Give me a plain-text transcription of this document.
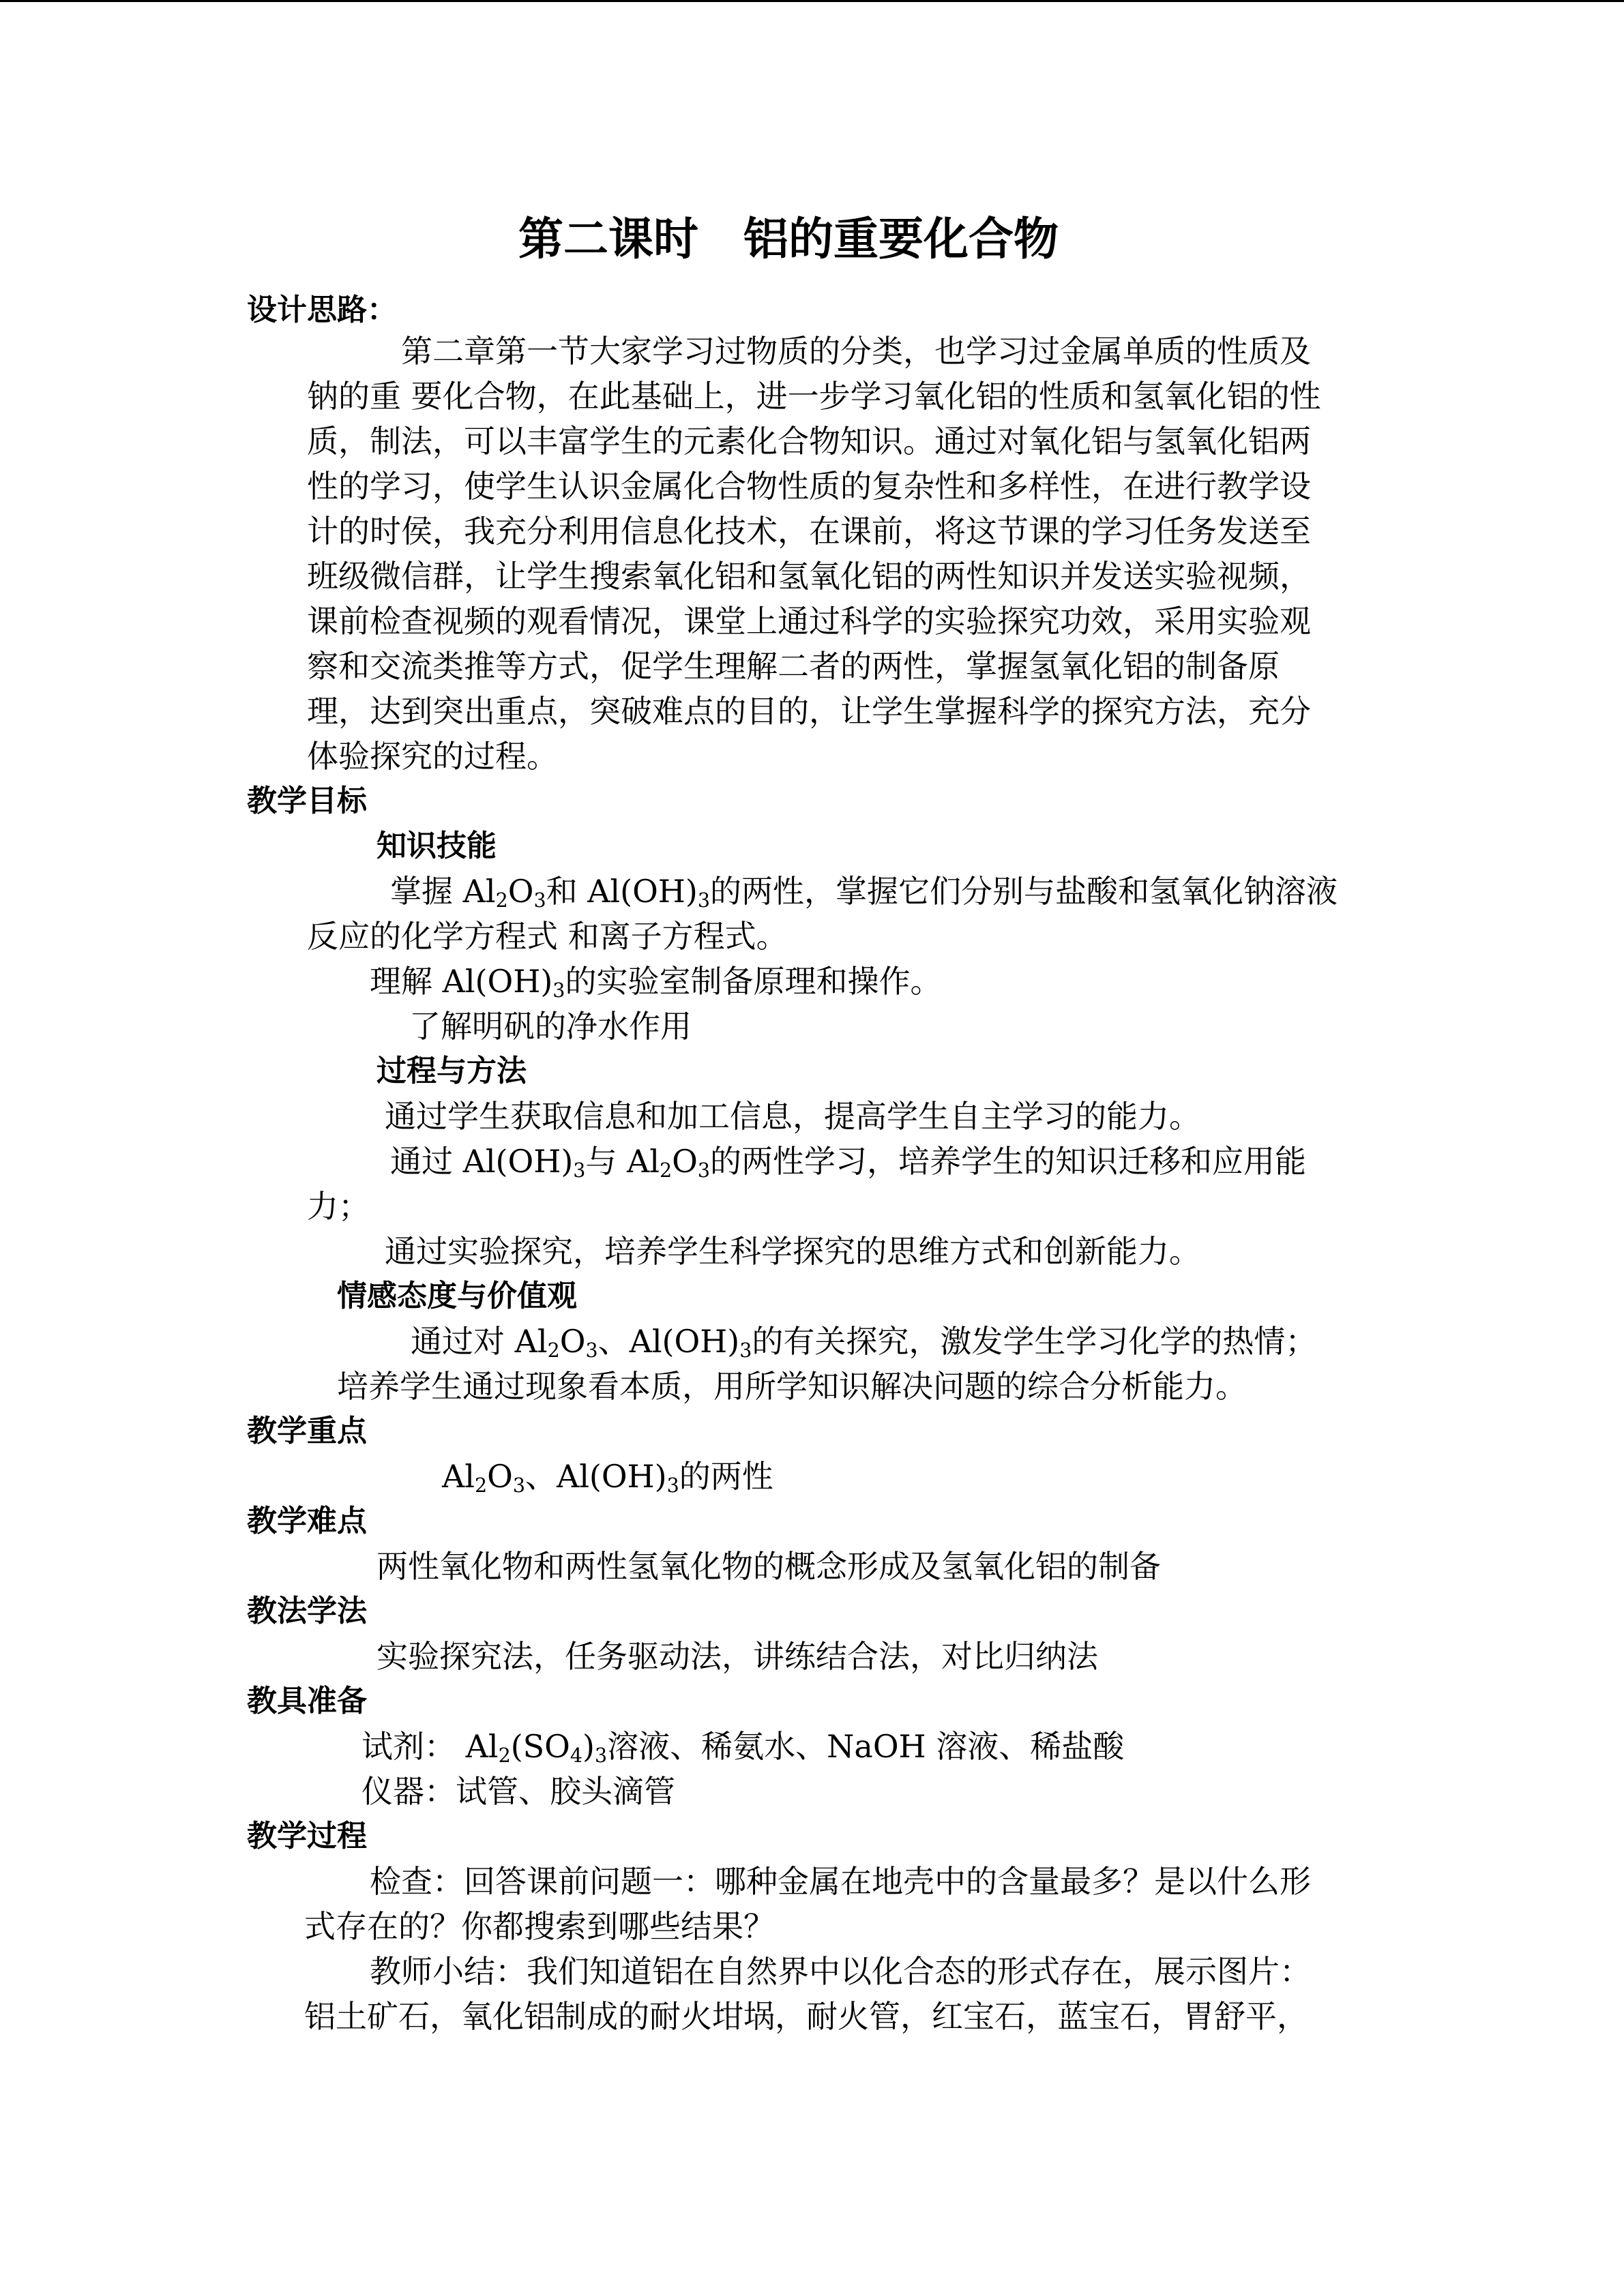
第二课时　铝的重要化合物
设计思路：
第二章第一节大家学习过物质的分类，也学习过金属单质的性质及
钠的重 要化合物，在此基础上，进一步学习氧化铝的性质和氢氧化铝的性
质，制法，可以丰富学生的元素化合物知识。通过对氧化铝与氢氧化铝两
性的学习，使学生认识金属化合物性质的复杂性和多样性，在进行教学设
计的时侯，我充分利用信息化技术，在课前，将这节课的学习任务发送至
班级微信群，让学生搜索氧化铝和氢氧化铝的两性知识并发送实验视频，
课前检查视频的观看情况，课堂上通过科学的实验探究功效，采用实验观
察和交流类推等方式，促学生理解二者的两性，掌握氢氧化铝的制备原
理，达到突出重点，突破难点的目的，让学生掌握科学的探究方法，充分
体验探究的过程。
教学目标
知识技能
掌握 $Al_2O_3$和 $Al(OH)_3$的两性，掌握它们分别与盐酸和氢氧化钠溶液
反应的化学方程式 和离子方程式。
理解 $Al(OH)_3$的实验室制备原理和操作。
了解明矾的净水作用
过程与方法
通过学生获取信息和加工信息，提高学生自主学习的能力。
通过 $Al(OH)_3$与 $Al_2O_3$的两性学习，培养学生的知识迁移和应用能
力；
通过实验探究，培养学生科学探究的思维方式和创新能力。
情感态度与价值观
通过对 $Al_2O_3$、$Al(OH)_3$的有关探究，激发学生学习化学的热情；
培养学生通过现象看本质，用所学知识解决问题的综合分析能力。
教学重点
$Al_2O_3$、$Al(OH)_3$的两性
教学难点
两性氧化物和两性氢氧化物的概念形成及氢氧化铝的制备
教法学法
实验探究法，任务驱动法，讲练结合法，对比归纳法
教具准备
试剂： $Al_2(SO_4)_3$溶液、稀氨水、NaOH 溶液、稀盐酸
仪器：试管、胶头滴管
教学过程
检查：回答课前问题一：哪种金属在地壳中的含量最多？是以什么形
式存在的？你都搜索到哪些结果？
教师小结：我们知道铝在自然界中以化合态的形式存在，展示图片：
铝土矿石，氧化铝制成的耐火坩埚，耐火管，红宝石，蓝宝石，胃舒平，
